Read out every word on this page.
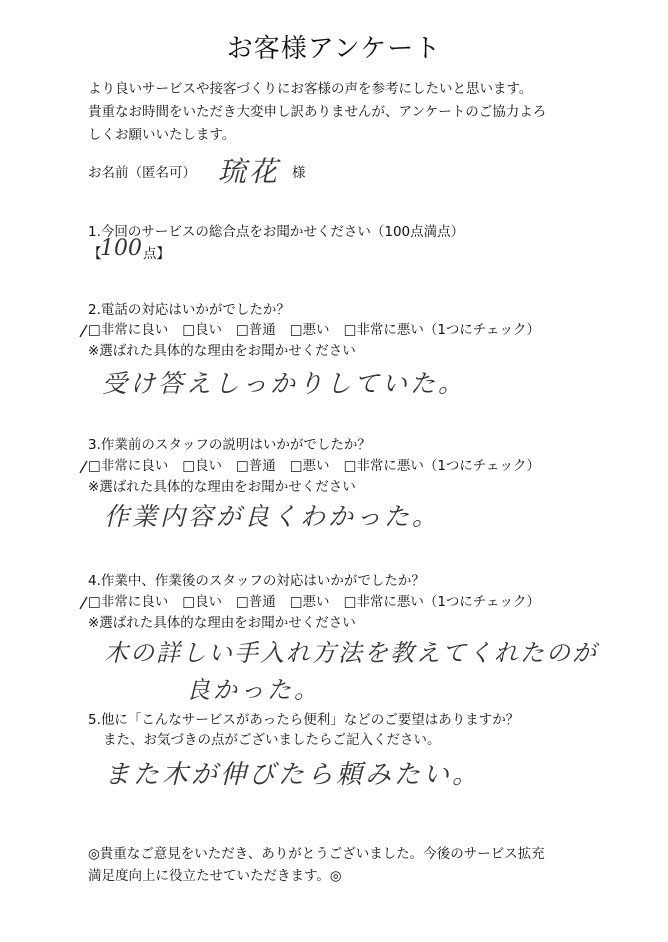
お客様アンケート
より良いサービスや接客づくりにお客様の声を参考にしたいと思います。
貴重なお時間をいただき大変申し訳ありませんが、アンケートのご協力よろ
しくお願いいたします。
お名前（匿名可） 琉花 様
1.今回のサービスの総合点をお聞かせください（100点満点）
【
100 点】
2.電話の対応はいかがでしたか？
□非常に良い □良い □普通 □悪い □非常に悪い（1つにチェック）
※選ばれた具体的な理由をお聞かせください
受け答えしっかりしていた。
3.作業前のスタッフの説明はいかがでしたか？
□非常に良い □良い □普通 □悪い □非常に悪い（1つにチェック）
※選ばれた具体的な理由をお聞かせください
作業内容が良くわかった。
4.作業中、作業後のスタッフの対応はいかがでしたか？
□非常に良い □良い □普通 □悪い □非常に悪い（1つにチェック）
※選ばれた具体的な理由をお聞かせください
木の詳しい手入れ方法を教えてくれたのが
良かった。
5.他に「こんなサービスがあったら便利」などのご要望はありますか？
また、お気づきの点がございましたらご記入ください。
また木が伸びたら頼みたい。
◎貴重なご意見をいただき、ありがとうございました。今後のサービス拡充
満足度向上に役立たせていただきます。◎
